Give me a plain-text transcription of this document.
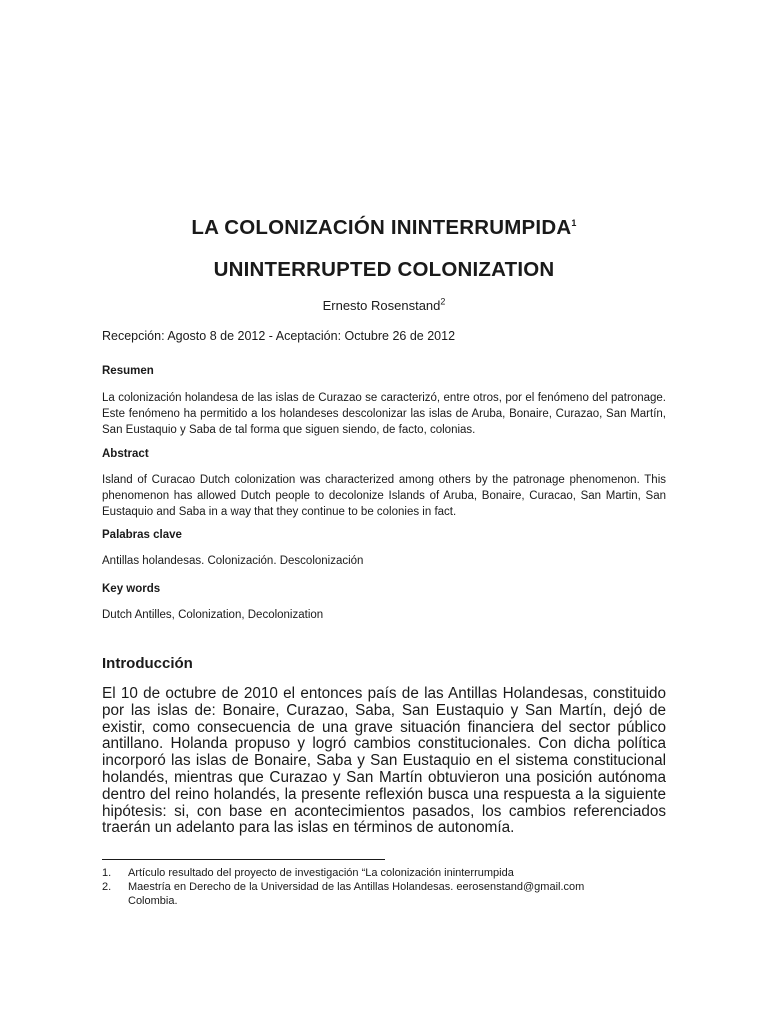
LA COLONIZACIÓN ININTERRUMPIDA$^1$
UNINTERRUPTED COLONIZATION
Ernesto Rosenstand$^2$
Recepción: Agosto 8 de 2012 - Aceptación: Octubre 26 de 2012

Resumen

La colonización holandesa de las islas de Curazao se caracterizó, entre otros, por el fenómeno del patronage. Este fenómeno ha permitido a los holandeses descolonizar las islas de Aruba, Bonaire, Curazao, San Martín, San Eustaquio y Saba de tal forma que siguen siendo, de facto, colonias.

Abstract

Island of Curacao Dutch colonization was characterized among others by the patronage phenomenon. This phenomenon has allowed Dutch people to decolonize Islands of Aruba, Bonaire, Curacao, San Martin, San Eustaquio and Saba in a way that they continue to be colonies in fact.

Palabras clave

Antillas holandesas. Colonización. Descolonización

Key words

Dutch Antilles, Colonization, Decolonization

Introducción

El 10 de octubre de 2010 el entonces país de las Antillas Holandesas, constituido por las islas de: Bonaire, Curazao, Saba, San Eustaquio y San Martín, dejó de existir, como consecuencia de una grave situación financiera del sector público antillano. Holanda propuso y logró cambios constitucionales. Con dicha política incorporó las islas de Bonaire, Saba y San Eustaquio en el sistema constitucional holandés, mientras que Curazao y San Martín obtuvieron una posición autónoma dentro del reino holandés, la presente reflexión busca una respuesta a la siguiente hipótesis: si, con base en acontecimientos pasados, los cambios referenciados traerán un adelanto para las islas en términos de autonomía.

1. Artículo resultado del proyecto de investigación “La colonización ininterrumpida

2. Maestría en Derecho de la Universidad de las Antillas Holandesas. eerosenstand@gmail.com
Colombia.
